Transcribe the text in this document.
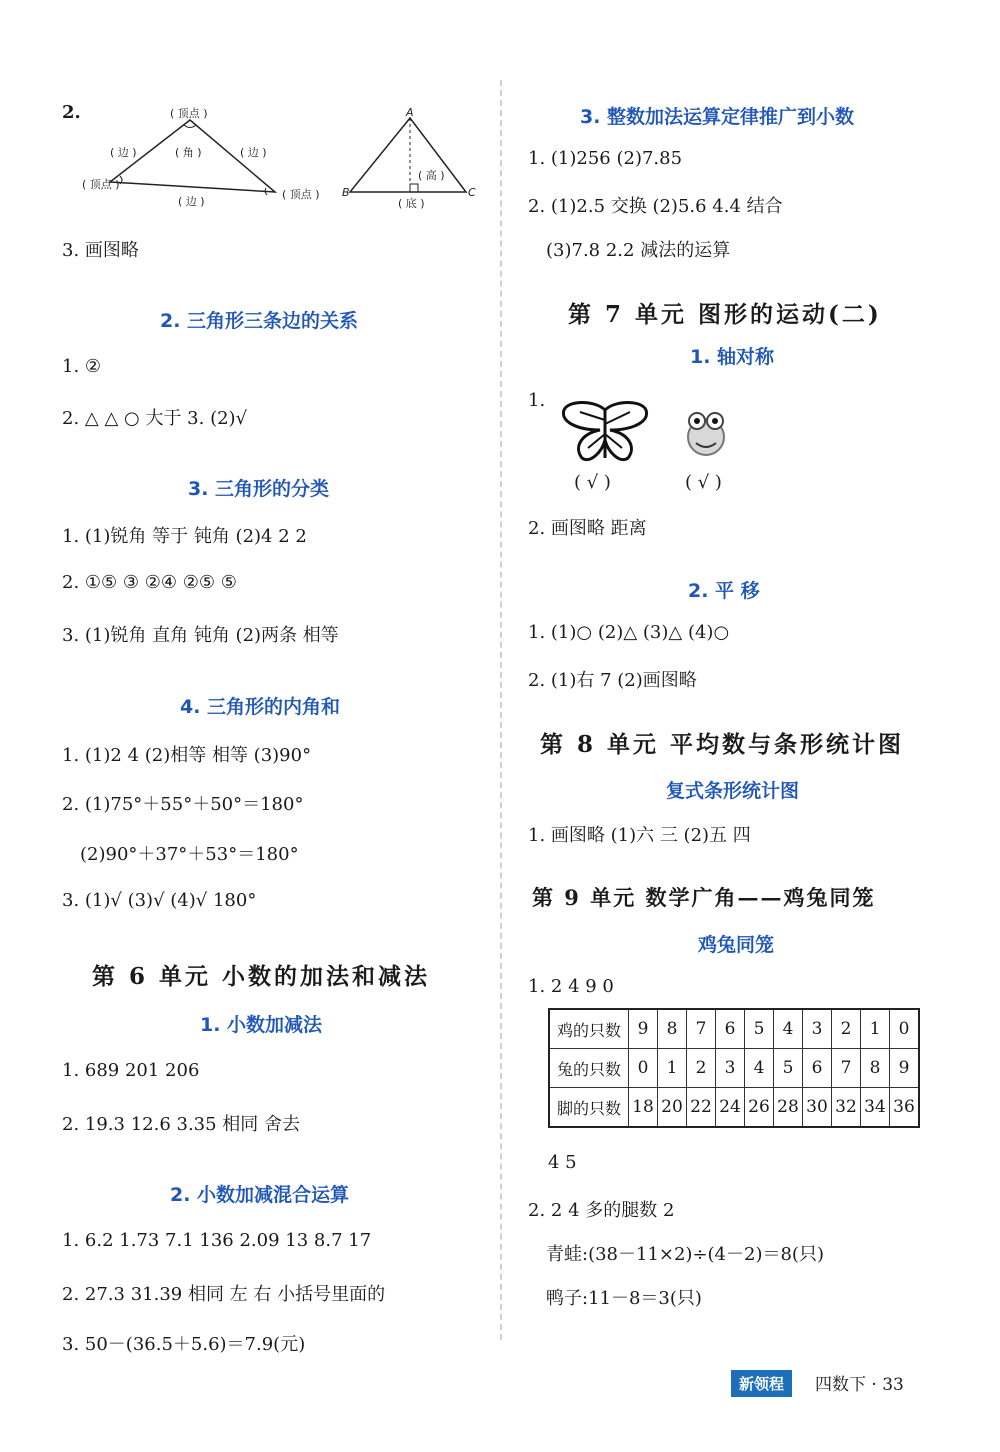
2.	( 顶点 )
( 边 )	( 角 )	( 边 )
( 顶点 )
( 顶点 )
( 边 )
A
B	C
( 高 )
( 底 )
3. 画图略
2. 三角形三条边的关系
1. ②
2. △ △ ○ 大于 3. (2)√
3. 三角形的分类
1. (1)锐角 等于 钝角 (2)4 2 2
2. ①⑤ ③ ②④ ②⑤ ⑤
3. (1)锐角 直角 钝角 (2)两条 相等
4. 三角形的内角和
1. (1)2 4 (2)相等 相等 (3)90°
2. (1)75°＋55°＋50°＝180°
(2)90°＋37°＋53°＝180°
3. (1)√ (3)√ (4)√ 180°
第 6 单元 小数的加法和减法
1. 小数加减法
1. 689 201 206
2. 19.3 12.6 3.35 相同 舍去
2. 小数加减混合运算
1. 6.2 1.73 7.1 136 2.09 13 8.7 17
2. 27.3 31.39 相同 左 右 小括号里面的
3. 50－(36.5＋5.6)＝7.9(元)
3. 整数加法运算定律推广到小数
1. (1)256 (2)7.85
2. (1)2.5 交换 (2)5.6 4.4 结合
(3)7.8 2.2 减法的运算
第 7 单元 图形的运动(二)
1. 轴对称
1.
( √ )	( √ )
2. 画图略 距离
2. 平 移
1. (1)○ (2)△ (3)△ (4)○
2. (1)右 7 (2)画图略
第 8 单元 平均数与条形统计图
复式条形统计图
1. 画图略 (1)六 三 (2)五 四
第 9 单元 数学广角——鸡兔同笼
鸡兔同笼
1. 2 4 9 0
鸡的只数	9	8	7	6	5	4	3	2	1	0
兔的只数	0	1	2	3	4	5	6	7	8	9
脚的只数	18	20	22	24	26	28	30	32	34	36
4 5
2. 2 4 多的腿数 2
青蛙:(38－11×2)÷(4－2)＝8(只)
鸭子:11－8＝3(只)
新领程	四数下 · 33
